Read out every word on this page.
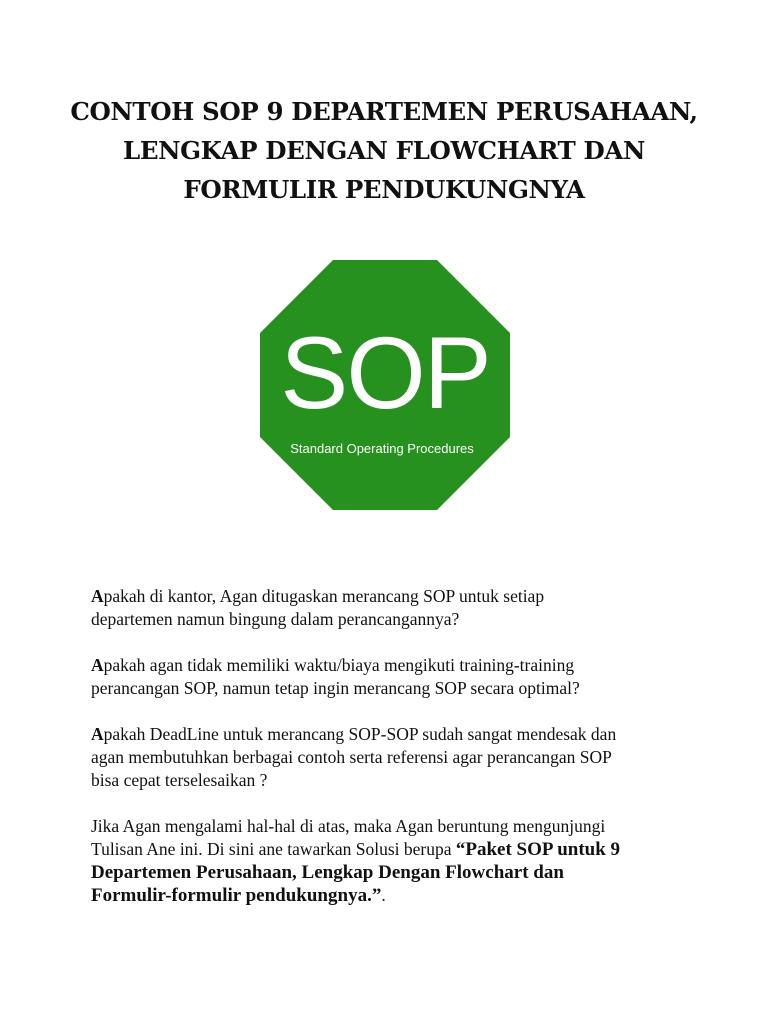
CONTOH SOP 9 DEPARTEMEN PERUSAHAAN,
LENGKAP DENGAN FLOWCHART DAN
FORMULIR PENDUKUNGNYA
SOP
Standard Operating Procedures

Apakah di kantor, Agan ditugaskan merancang SOP untuk setiap
departemen namun bingung dalam perancangannya?

Apakah agan tidak memiliki waktu/biaya mengikuti training-training
perancangan SOP, namun tetap ingin merancang SOP secara optimal?

Apakah DeadLine untuk merancang SOP-SOP sudah sangat mendesak dan
agan membutuhkan berbagai contoh serta referensi agar perancangan SOP
bisa cepat terselesaikan ?

Jika Agan mengalami hal-hal di atas, maka Agan beruntung mengunjungi
Tulisan Ane ini. Di sini ane tawarkan Solusi berupa “Paket SOP untuk 9
Departemen Perusahaan, Lengkap Dengan Flowchart dan
Formulir-formulir pendukungnya.”.
